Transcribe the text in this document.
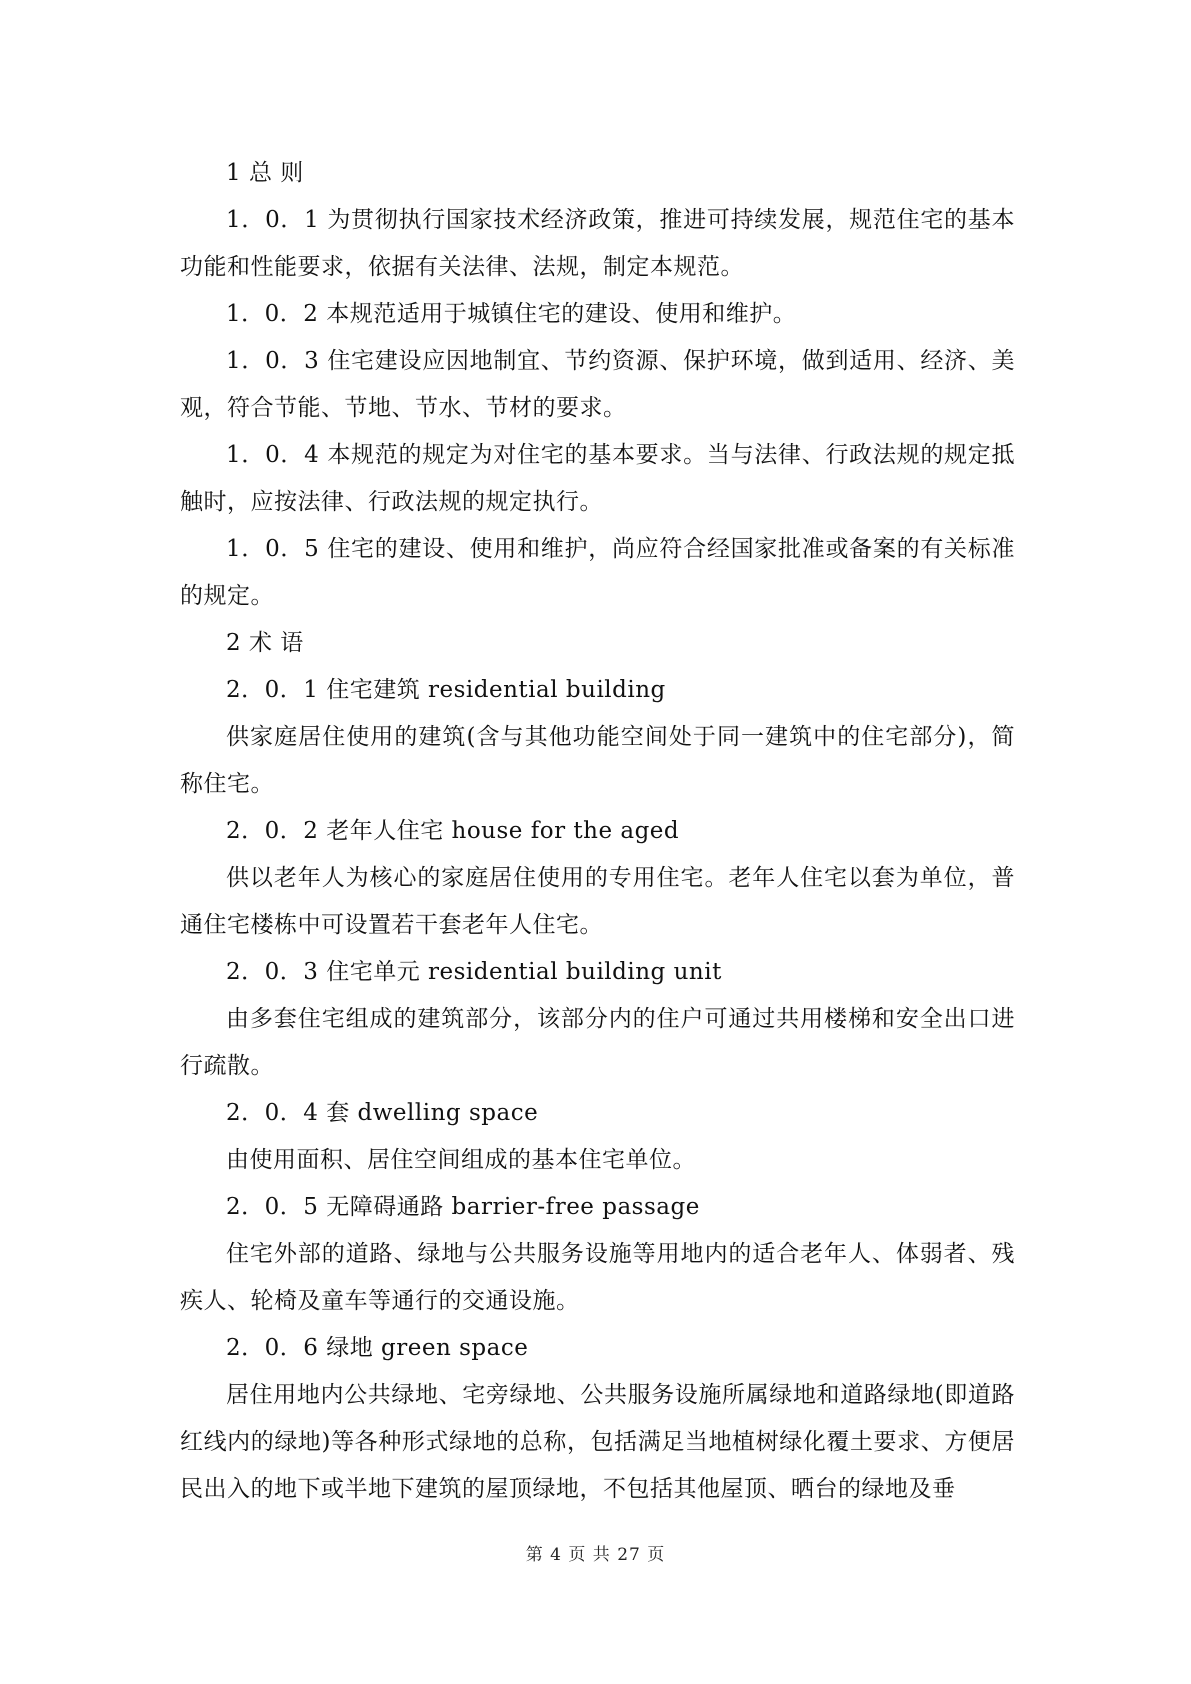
1 总 则

1．0．1 为贯彻执行国家技术经济政策，推进可持续发展，规范住宅的基本功能和性能要求，依据有关法律、法规，制定本规范。

1．0．2 本规范适用于城镇住宅的建设、使用和维护。

1．0．3 住宅建设应因地制宜、节约资源、保护环境，做到适用、经济、美观，符合节能、节地、节水、节材的要求。

1．0．4 本规范的规定为对住宅的基本要求。当与法律、行政法规的规定抵触时，应按法律、行政法规的规定执行。

1．0．5 住宅的建设、使用和维护，尚应符合经国家批准或备案的有关标准的规定。

2 术 语

2．0．1 住宅建筑 residential building

供家庭居住使用的建筑(含与其他功能空间处于同一建筑中的住宅部分)，简称住宅。

2．0．2 老年人住宅 house for the aged

供以老年人为核心的家庭居住使用的专用住宅。老年人住宅以套为单位，普通住宅楼栋中可设置若干套老年人住宅。

2．0．3 住宅单元 residential building unit

由多套住宅组成的建筑部分，该部分内的住户可通过共用楼梯和安全出口进行疏散。

2．0．4 套 dwelling space

由使用面积、居住空间组成的基本住宅单位。

2．0．5 无障碍通路 barrier-free passage

住宅外部的道路、绿地与公共服务设施等用地内的适合老年人、体弱者、残疾人、轮椅及童车等通行的交通设施。

2．0．6 绿地 green space

居住用地内公共绿地、宅旁绿地、公共服务设施所属绿地和道路绿地(即道路红线内的绿地)等各种形式绿地的总称，包括满足当地植树绿化覆土要求、方便居民出入的地下或半地下建筑的屋顶绿地，不包括其他屋顶、晒台的绿地及垂

第 4 页 共 27 页
